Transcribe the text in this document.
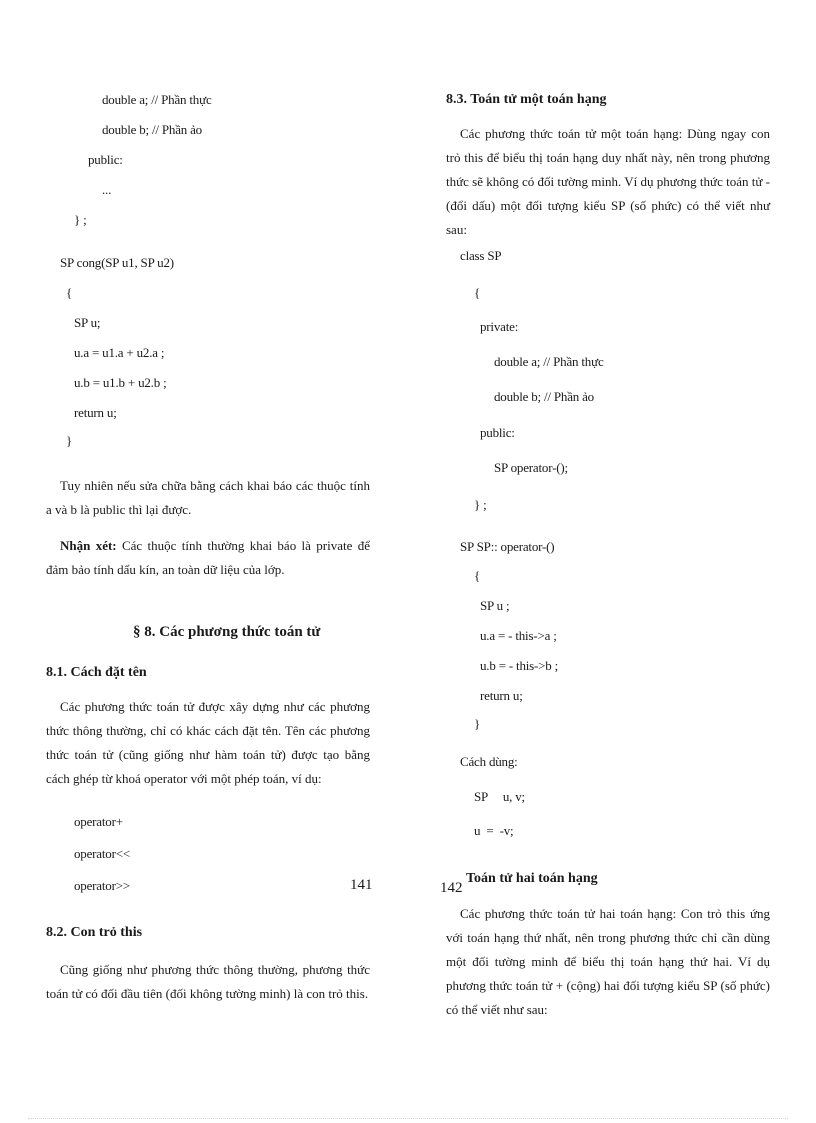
double a; // Phần thực
double b; // Phần ảo
public:
...
} ;
SP cong(SP u1, SP u2)
{
SP u;
u.a = u1.a + u2.a ;
u.b = u1.b + u2.b ;
return u;
}
Tuy nhiên nếu sửa chữa bằng cách khai báo các thuộc tính a và b là public thì lại được.
Nhận xét: Các thuộc tính thường khai báo là private để đảm bảo tính dấu kín, an toàn dữ liệu của lớp.
§ 8. Các phương thức toán tử
8.1. Cách đặt tên
Các phương thức toán tử được xây dựng như các phương thức thông thường, chỉ có khác cách đặt tên. Tên các phương thức toán tử (cũng giống như hàm toán tử) được tạo bằng cách ghép từ khoá operator với một phép toán, ví dụ:
operator+
operator<<
operator>>	141
8.2. Con trỏ this
Cũng giống như phương thức thông thường, phương thức toán tử có đối đầu tiên (đối không tường minh) là con trỏ this.
8.3. Toán tử một toán hạng
Các phương thức toán tử một toán hạng: Dùng ngay con trỏ this để biểu thị toán hạng duy nhất này, nên trong phương thức sẽ không có đối tường minh. Ví dụ phương thức toán tử - (đổi dấu) một đối tượng kiểu SP (số phức) có thể viết như sau:
class SP
{
private:
double a; // Phần thực
double b; // Phần ảo
public:
SP operator-();
} ;
SP SP:: operator-()
{
SP u ;
u.a = - this->a ;
u.b = - this->b ;
return u;
}
Cách dùng:
SP     u, v;
u  =  -v;
142
Toán tử hai toán hạng
Các phương thức toán tử hai toán hạng: Con trỏ this ứng với toán hạng thứ nhất, nên trong phương thức chỉ cần dùng một đối tường minh để biểu thị toán hạng thứ hai. Ví dụ phương thức toán tử + (cộng) hai đối tượng kiểu SP (số phức) có thể viết như sau:
